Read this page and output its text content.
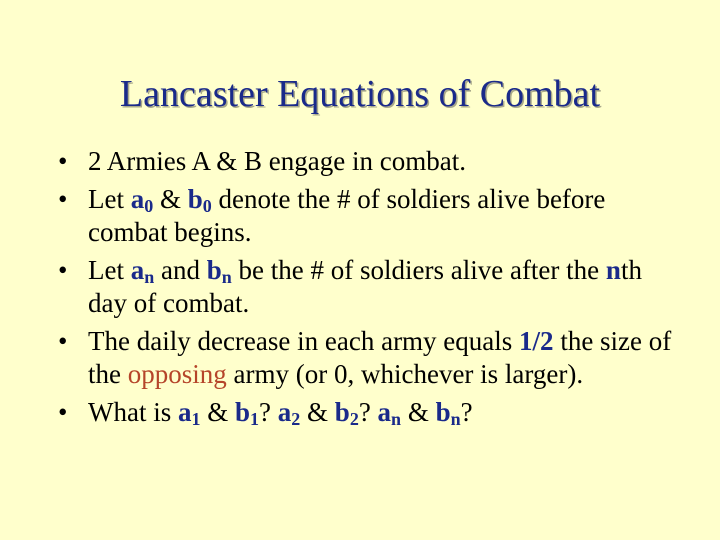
Lancaster Equations of Combat
• 2 Armies A & B engage in combat.
• Let $a_0$ & $b_0$ denote the # of soldiers alive before combat begins.
• Let $a_n$ and $b_n$ be the # of soldiers alive after the nth day of combat.
• The daily decrease in each army equals 1/2 the size of the opposing army (or 0, whichever is larger).
• What is $a_1$ & $b_1$? $a_2$ & $b_2$? $a_n$ & $b_n$?
